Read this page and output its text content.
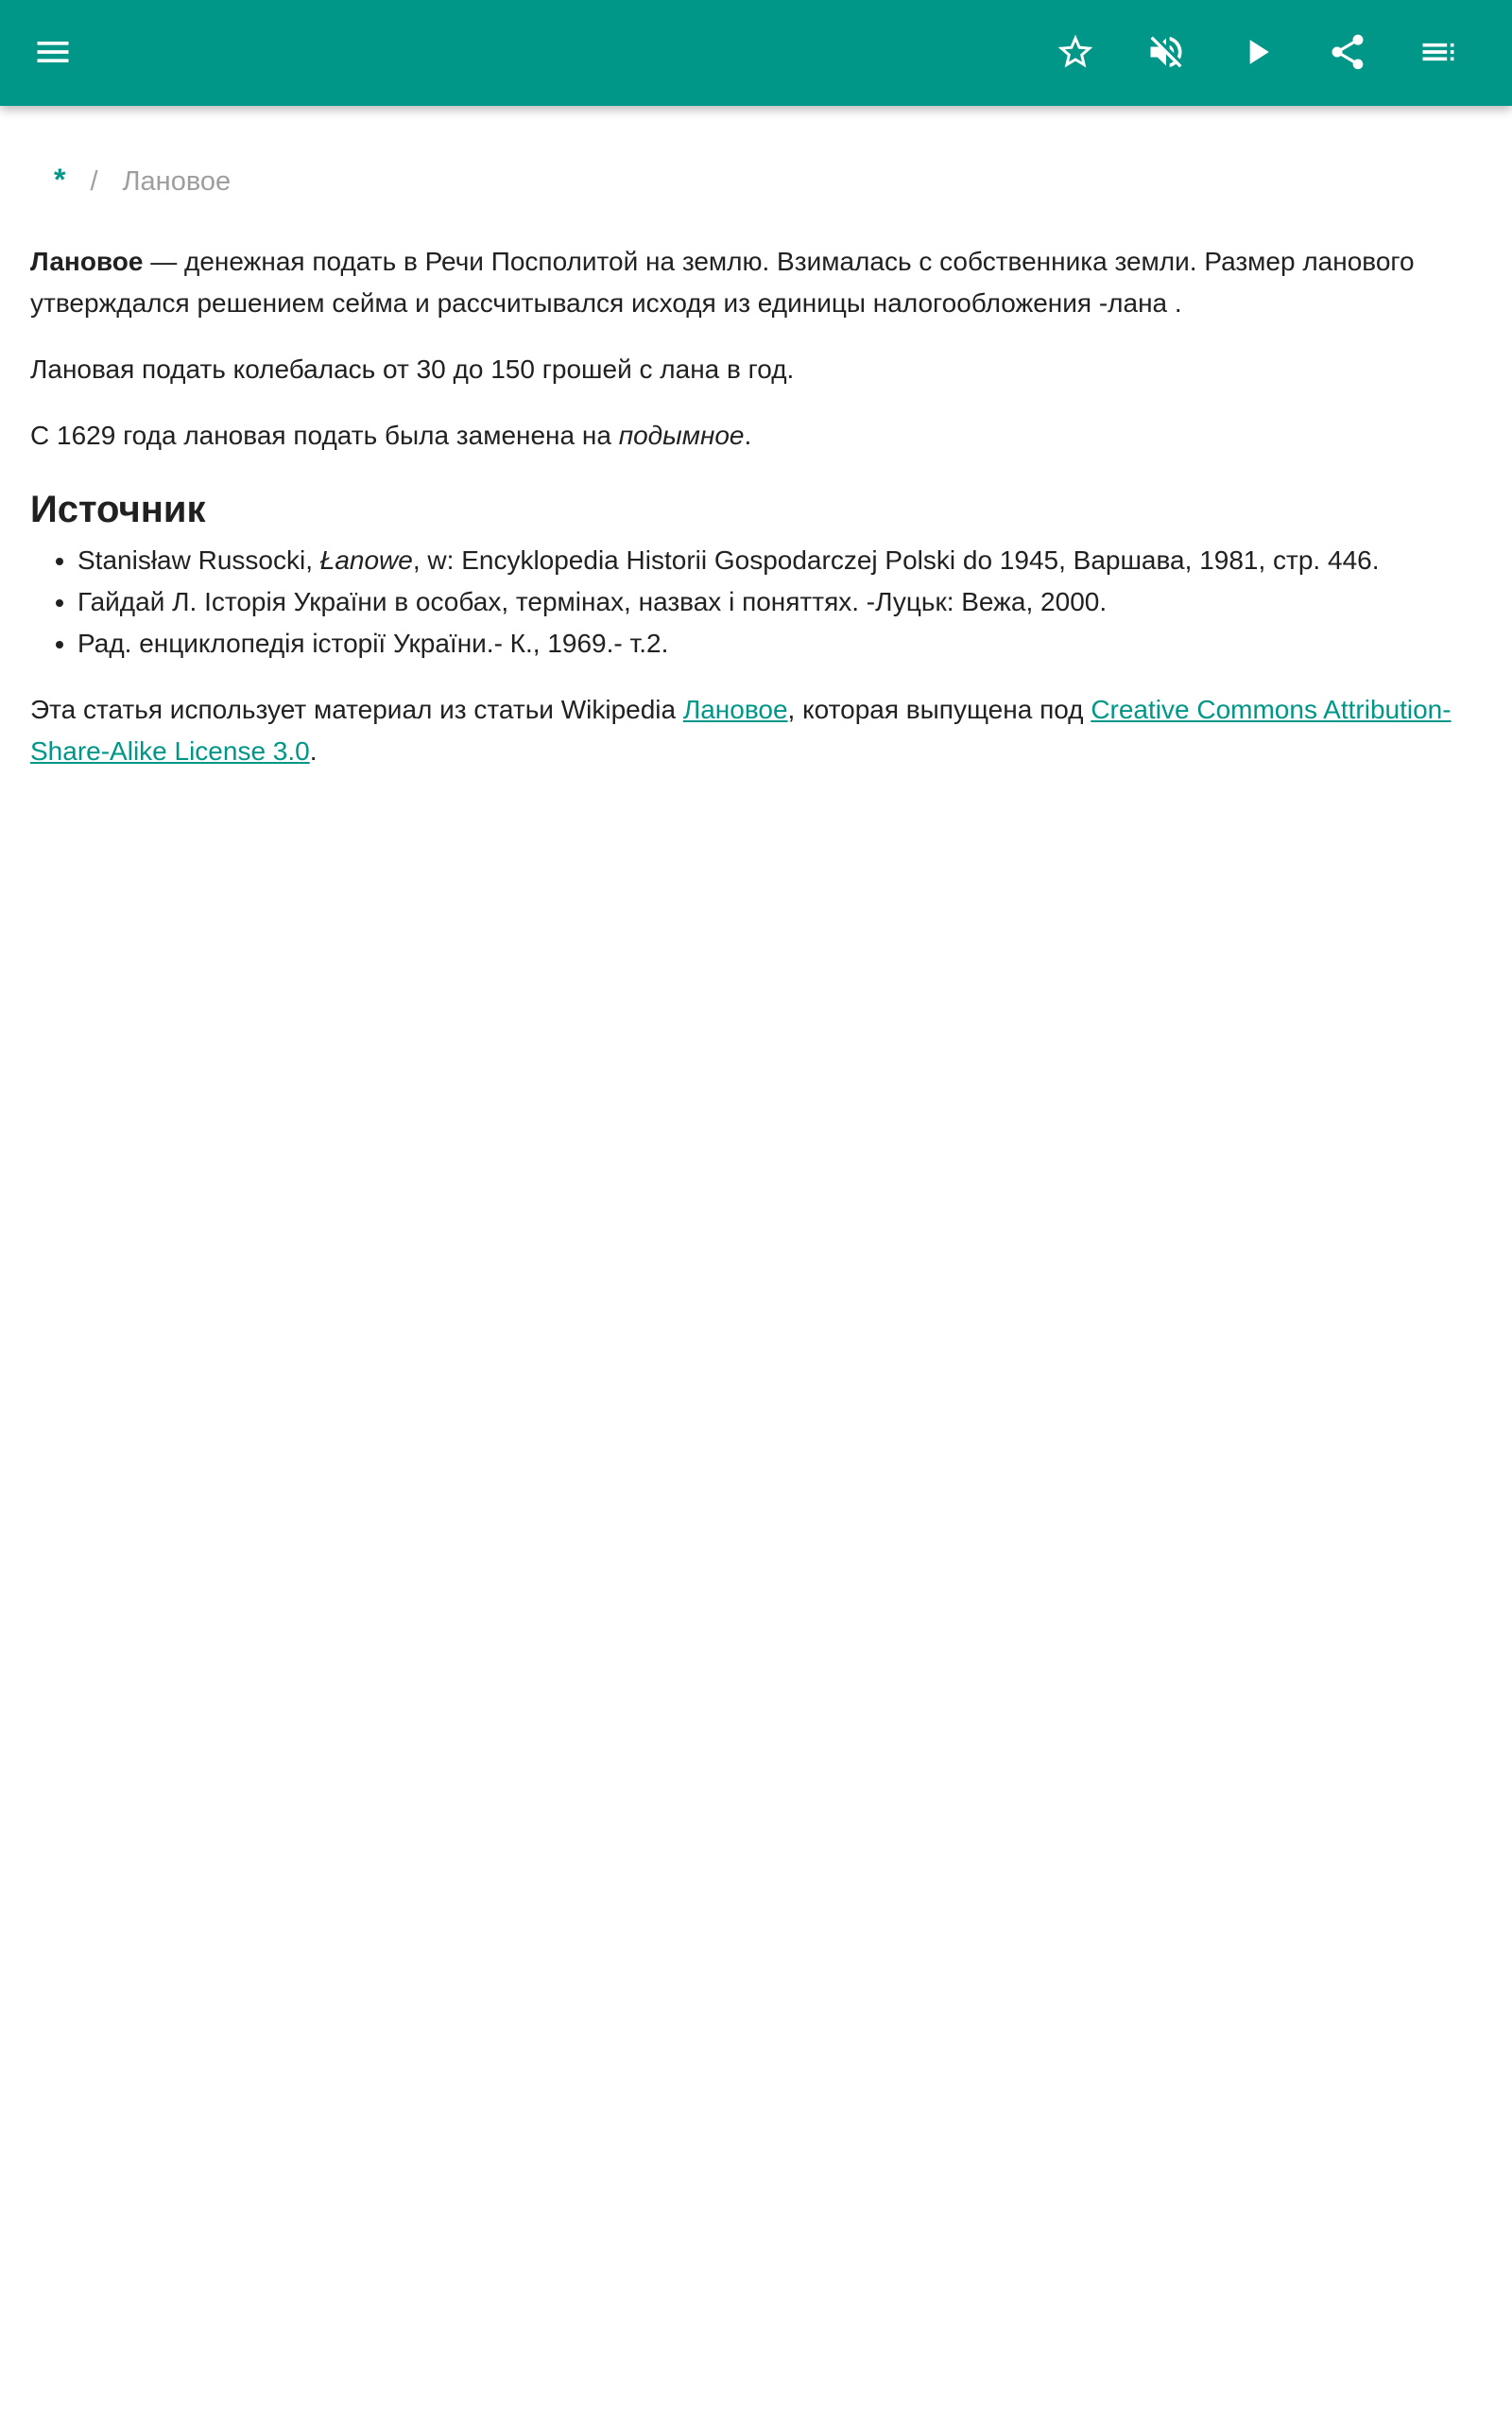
* / Лановое

Лановое — денежная подать в Речи Посполитой на землю. Взималась с собственника земли. Размер ланового утверждался решением сейма и рассчитывался исходя из единицы налогообложения -лана .

Лановая подать колебалась от 30 до 150 грошей с лана в год.

С 1629 года лановая подать была заменена на подымное.

Источник
• Stanisław Russocki, Łanowe, w: Encyklopedia Historii Gospodarczej Polski do 1945, Варшава, 1981, стр. 446.
• Гайдай Л. Історія України в особах, термінах, назвах і поняттях. -Луцьк: Вежа, 2000.
• Рад. енциклопедія історії України.- К., 1969.- т.2.

Эта статья использует материал из статьи Wikipedia Лановое, которая выпущена под Creative Commons Attribution-Share-Alike License 3.0.
